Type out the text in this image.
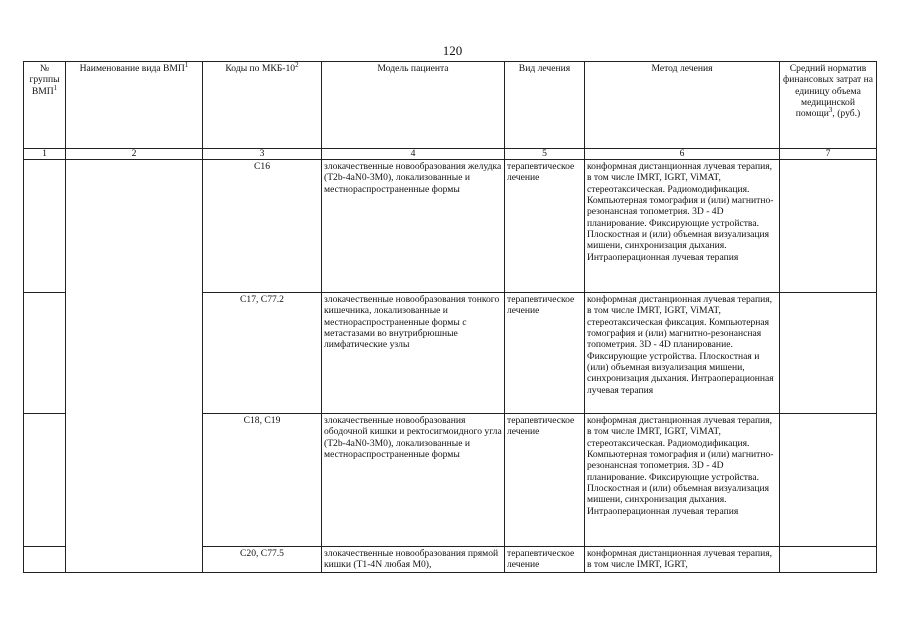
120
№ группы ВМП$^1$	Наименование вида ВМП$^1$	Коды по МКБ-$10^2$	Модель пациента	Вид лечения	Метод лечения	Средний норматив финансовых затрат на единицу объема медицинской помощи$^3$, (руб.)
1	2	3	4	5	6	7
		C16	злокачественные новообразования желудка (T2b-4aN0-3M0), локализованные и местнораспространенные формы	терапевтическое лечение	конформная дистанционная лучевая терапия, в том числе IMRT, IGRT, ViMAT, стереотаксическая. Радиомодификация. Компьютерная томография и (или) магнитно-резонансная топометрия. 3D - 4D планирование. Фиксирующие устройства. Плоскостная и (или) объемная визуализация мишени, синхронизация дыхания. Интраоперационная лучевая терапия	
		C17, C77.2	злокачественные новообразования тонкого кишечника, локализованные и местнораспространенные формы с метастазами во внутрибрюшные лимфатические узлы	терапевтическое лечение	конформная дистанционная лучевая терапия, в том числе IMRT, IGRT, ViMAT, стереотаксическая фиксация. Компьютерная томография и (или) магнитно-резонансная топометрия. 3D - 4D планирование. Фиксирующие устройства. Плоскостная и (или) объемная визуализация мишени, синхронизация дыхания. Интраоперационная лучевая терапия	
		C18, C19	злокачественные новообразования ободочной кишки и ректосигмоидного угла (T2b-4aN0-3M0), локализованные и местнораспространенные формы	терапевтическое лечение	конформная дистанционная лучевая терапия, в том числе IMRT, IGRT, ViMAT, стереотаксическая. Радиомодификация. Компьютерная томография и (или) магнитно-резонансная топометрия. 3D - 4D планирование. Фиксирующие устройства. Плоскостная и (или) объемная визуализация мишени, синхронизация дыхания. Интраоперационная лучевая терапия	
		C20, C77.5	злокачественные новообразования прямой кишки (T1-4N любая M0),	терапевтическое лечение	конформная дистанционная лучевая терапия, в том числе IMRT, IGRT,	
